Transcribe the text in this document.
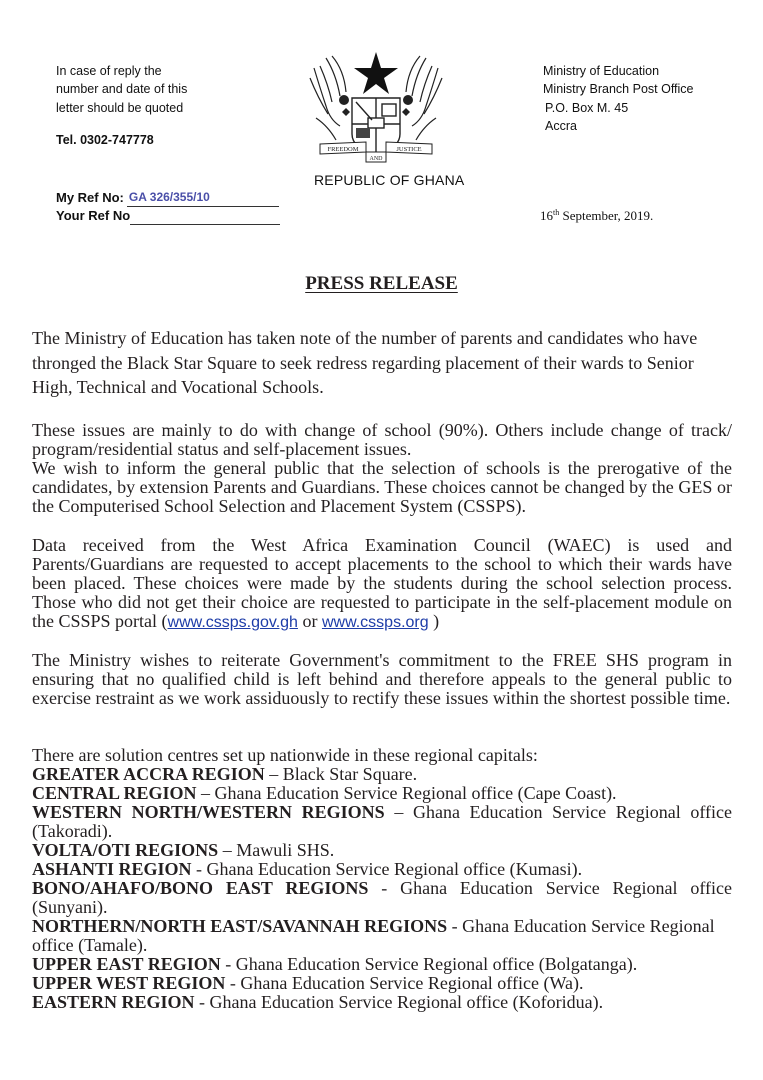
In case of reply the
number and date of this
letter should be quoted
Tel. 0302-747778
FREEDOM	JUSTICE
AND
REPUBLIC OF GHANA
Ministry of Education
Ministry Branch Post Office
P.O. Box M. 45
Accra
My Ref No: GA 326/355/10
Your Ref No	16th September, 2019.
PRESS RELEASE
The Ministry of Education has taken note of the number of parents and candidates who have thronged the Black Star Square to seek redress regarding placement of their wards to Senior High, Technical and Vocational Schools.
These issues are mainly to do with change of school (90%). Others include change of track/ program/residential status and self-placement issues.
We wish to inform the general public that the selection of schools is the prerogative of the candidates, by extension Parents and Guardians. These choices cannot be changed by the GES or the Computerised School Selection and Placement System (CSSPS).
Data received from the West Africa Examination Council (WAEC) is used and Parents/Guardians are requested to accept placements to the school to which their wards have been placed. These choices were made by the students during the school selection process. Those who did not get their choice are requested to participate in the self-placement module on the CSSPS portal (www.cssps.gov.gh or www.cssps.org )
The Ministry wishes to reiterate Government's commitment to the FREE SHS program in ensuring that no qualified child is left behind and therefore appeals to the general public to exercise restraint as we work assiduously to rectify these issues within the shortest possible time.
There are solution centres set up nationwide in these regional capitals:
GREATER ACCRA REGION – Black Star Square.
CENTRAL REGION – Ghana Education Service Regional office (Cape Coast).
WESTERN NORTH/WESTERN REGIONS – Ghana Education Service Regional office (Takoradi).
VOLTA/OTI REGIONS – Mawuli SHS.
ASHANTI REGION - Ghana Education Service Regional office (Kumasi).
BONO/AHAFO/BONO EAST REGIONS - Ghana Education Service Regional office (Sunyani).
NORTHERN/NORTH EAST/SAVANNAH REGIONS - Ghana Education Service Regional office (Tamale).
UPPER EAST REGION - Ghana Education Service Regional office (Bolgatanga).
UPPER WEST REGION - Ghana Education Service Regional office (Wa).
EASTERN REGION - Ghana Education Service Regional office (Koforidua).
